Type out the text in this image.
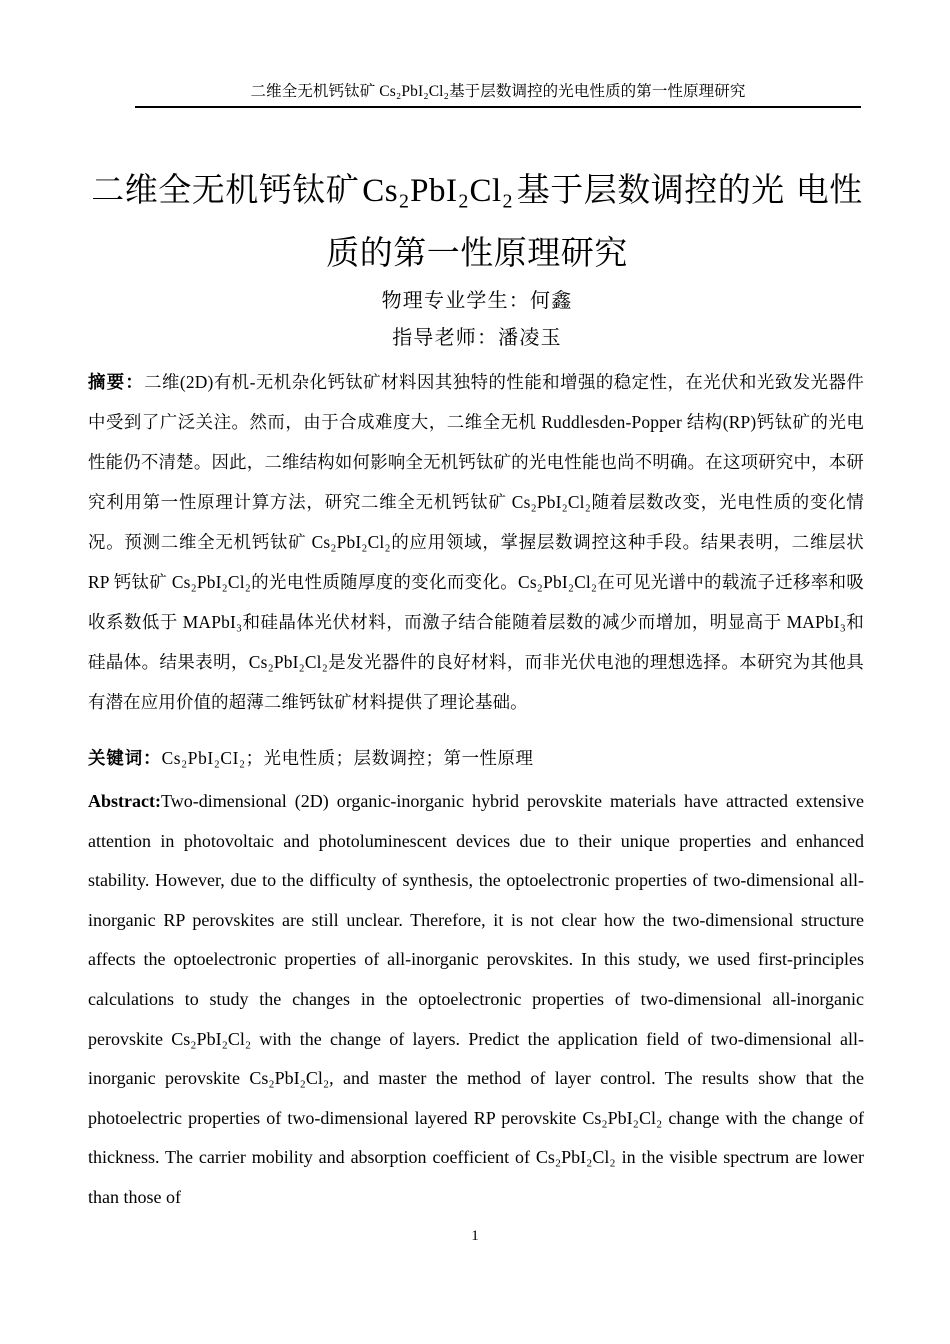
二维全无机钙钛矿 Cs₂PbI₂Cl₂基于层数调控的光电性质的第一性原理研究
二维全无机钙钛矿Cs₂PbI₂Cl₂基于层数调控的光 电性质的第一性原理研究
物理专业学生：何鑫
指导老师：潘凌玉
摘要：二维(2D)有机-无机杂化钙钛矿材料因其独特的性能和增强的稳定性，在光伏和光致发光器件中受到了广泛关注。然而，由于合成难度大，二维全无机 Ruddlesden-Popper 结构(RP)钙钛矿的光电性能仍不清楚。因此，二维结构如何影响全无机钙钛矿的光电性能也尚不明确。在这项研究中，本研究利用第一性原理计算方法，研究二维全无机钙钛矿 Cs₂PbI₂Cl₂随着层数改变，光电性质的变化情况。预测二维全无机钙钛矿 Cs₂PbI₂Cl₂的应用领域，掌握层数调控这种手段。结果表明，二维层状 RP 钙钛矿 Cs₂PbI₂Cl₂的光电性质随厚度的变化而变化。Cs₂PbI₂Cl₂在可见光谱中的载流子迁移率和吸收系数低于 MAPbI₃和硅晶体光伏材料，而激子结合能随着层数的减少而增加，明显高于 MAPbI₃和硅晶体。结果表明，Cs₂PbI₂Cl₂是发光器件的良好材料，而非光伏电池的理想选择。本研究为其他具有潜在应用价值的超薄二维钙钛矿材料提供了理论基础。
关键词：Cs₂PbI₂CI₂；光电性质；层数调控；第一性原理
Abstract:Two-dimensional (2D) organic-inorganic hybrid perovskite materials have attracted extensive attention in photovoltaic and photoluminescent devices due to their unique properties and enhanced stability. However, due to the difficulty of synthesis, the optoelectronic properties of two-dimensional all-inorganic RP perovskites are still unclear. Therefore, it is not clear how the two-dimensional structure affects the optoelectronic properties of all-inorganic perovskites. In this study, we used first-principles calculations to study the changes in the optoelectronic properties of two-dimensional all-inorganic perovskite Cs₂PbI₂Cl₂ with the change of layers. Predict the application field of two-dimensional all-inorganic perovskite Cs₂PbI₂Cl₂, and master the method of layer control. The results show that the photoelectric properties of two-dimensional layered RP perovskite Cs₂PbI₂Cl₂ change with the change of thickness. The carrier mobility and absorption coefficient of Cs₂PbI₂Cl₂ in the visible spectrum are lower than those of
1
